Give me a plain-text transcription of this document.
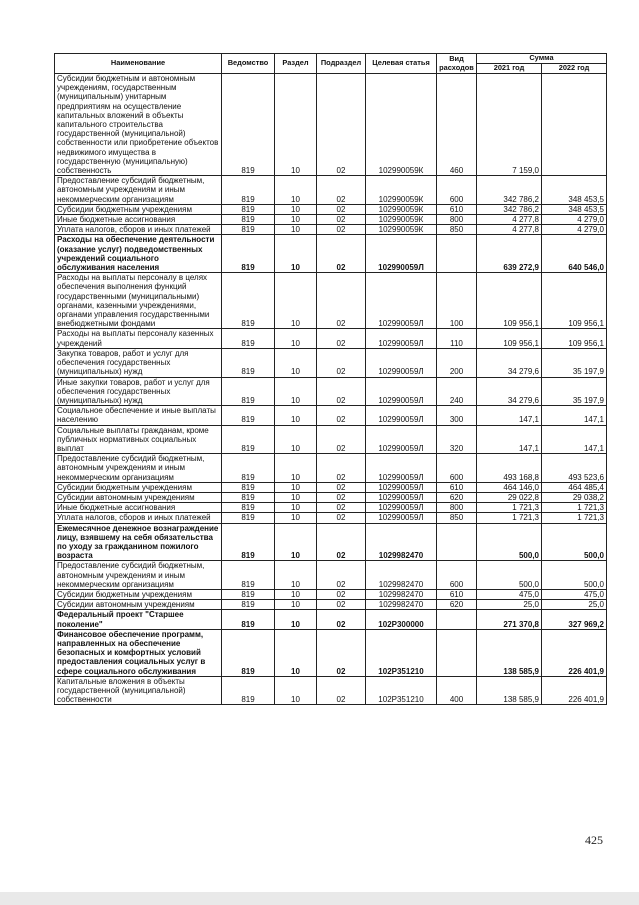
Наименование	Ведомство	Раздел	Подраздел	Целевая статья	Вид расходов	Сумма	
						2021 год	2022 год
Субсидии бюджетным и автономным учреждениям, государственным (муниципальным) унитарным предприятиям на осуществление капитальных вложений в объекты капитального строительства государственной (муниципальной) собственности или приобретение объектов недвижимого имущества в государственную (муниципальную) собственность	819	10	02	102990059К	460	7 159,0	
Предоставление субсидий бюджетным, автономным учреждениям и иным некоммерческим организациям	819	10	02	102990059К	600	342 786,2	348 453,5
Субсидии бюджетным учреждениям	819	10	02	102990059К	610	342 786,2	348 453,5
Иные бюджетные ассигнования	819	10	02	102990059К	800	4 277,8	4 279,0
Уплата налогов, сборов и иных платежей	819	10	02	102990059К	850	4 277,8	4 279,0
Расходы на обеспечение деятельности (оказание услуг) подведомственных учреждений социального обслуживания населения	819	10	02	102990059Л		639 272,9	640 546,0
Расходы на выплаты персоналу в целях обеспечения выполнения функций государственными (муниципальными) органами, казенными учреждениями, органами управления государственными внебюджетными фондами	819	10	02	102990059Л	100	109 956,1	109 956,1
Расходы на выплаты персоналу казенных учреждений	819	10	02	102990059Л	110	109 956,1	109 956,1
Закупка товаров, работ и услуг для обеспечения государственных (муниципальных) нужд	819	10	02	102990059Л	200	34 279,6	35 197,9
Иные закупки товаров, работ и услуг для обеспечения государственных (муниципальных) нужд	819	10	02	102990059Л	240	34 279,6	35 197,9
Социальное обеспечение и иные выплаты населению	819	10	02	102990059Л	300	147,1	147,1
Социальные выплаты гражданам, кроме публичных нормативных социальных выплат	819	10	02	102990059Л	320	147,1	147,1
Предоставление субсидий бюджетным, автономным учреждениям и иным некоммерческим организациям	819	10	02	102990059Л	600	493 168,8	493 523,6
Субсидии бюджетным учреждениям	819	10	02	102990059Л	610	464 146,0	464 485,4
Субсидии автономным учреждениям	819	10	02	102990059Л	620	29 022,8	29 038,2
Иные бюджетные ассигнования	819	10	02	102990059Л	800	1 721,3	1 721,3
Уплата налогов, сборов и иных платежей	819	10	02	102990059Л	850	1 721,3	1 721,3
Ежемесячное денежное вознаграждение лицу, взявшему на себя обязательства по уходу за гражданином пожилого возраста	819	10	02	1029982470		500,0	500,0
Предоставление субсидий бюджетным, автономным учреждениям и иным некоммерческим организациям	819	10	02	1029982470	600	500,0	500,0
Субсидии бюджетным учреждениям	819	10	02	1029982470	610	475,0	475,0
Субсидии автономным учреждениям	819	10	02	1029982470	620	25,0	25,0
Федеральный проект "Старшее поколение"	819	10	02	102Р300000		271 370,8	327 969,2
Финансовое обеспечение программ, направленных на обеспечение безопасных и комфортных условий предоставления социальных услуг в сфере социального обслуживания	819	10	02	102Р351210		138 585,9	226 401,9
Капитальные вложения в объекты государственной (муниципальной) собственности	819	10	02	102Р351210	400	138 585,9	226 401,9
425
